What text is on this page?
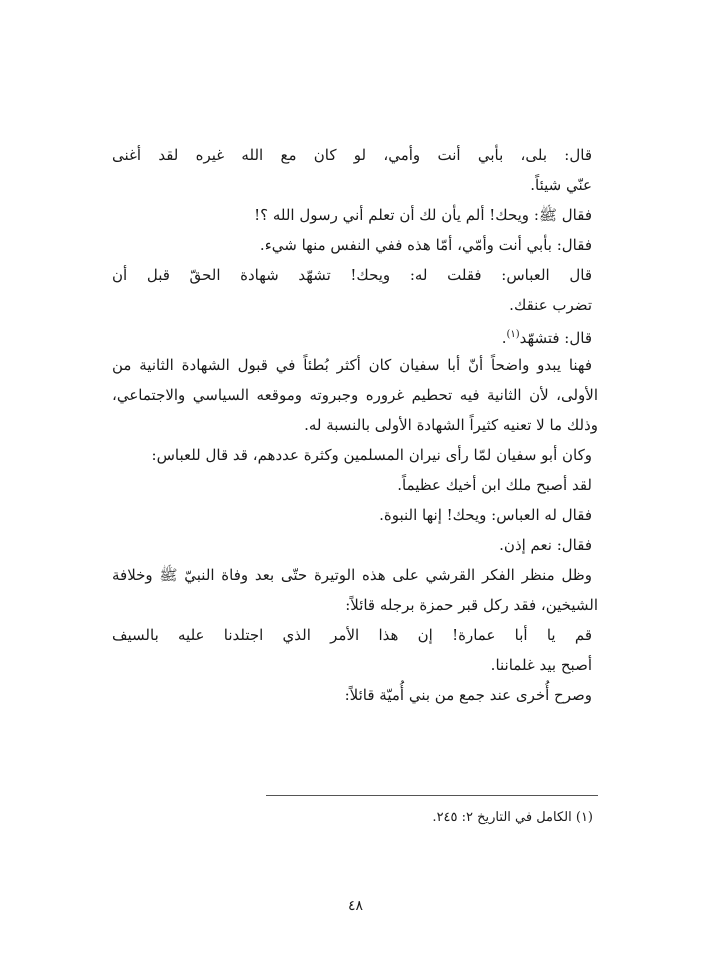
قال: بلى، بأبي أنت وأمي، لو كان مع الله غيره لقد أغنى
عنّي شيئاً.
فقال ﷺ: ويحك! ألم يأن لك أن تعلم أني رسول الله ؟!
فقال: بأبي أنت وأمّي، أمّا هذه ففي النفس منها شيء.
قال العباس: فقلت له: ويحك! تشهّد شهادة الحقّ قبل أن
تضرب عنقك.
قال: فتشهّد$^{(١)}$.
فهنا يبدو واضحاً أنّ أبا سفيان كان أكثر بُطئاً في قبول الشهادة الثانية من
الأولى، لأن الثانية فيه تحطيم غروره وجبروته وموقعه السياسي والاجتماعي،
وذلك ما لا تعنيه كثيراً الشهادة الأولى بالنسبة له.
وكان أبو سفيان لمّا رأى نيران المسلمين وكثرة عددهم، قد قال للعباس:
لقد أصبح ملك ابن أخيك عظيماً.
فقال له العباس: ويحك! إنها النبوة.
فقال: نعم إذن.
وظل منظر الفكر القرشي على هذه الوتيرة حتّى بعد وفاة النبيّ ﷺ وخلافة
الشيخين، فقد ركل قبر حمزة برجله قائلاً:
قم يا أبا عمارة! إن هذا الأمر الذي اجتلدنا عليه بالسيف
أصبح بيد غلماننا.
وصرح أُخرى عند جمع من بني أُميّة قائلاً:
(١) الكامل في التاريخ ٢: ٢٤٥.
٤٨
